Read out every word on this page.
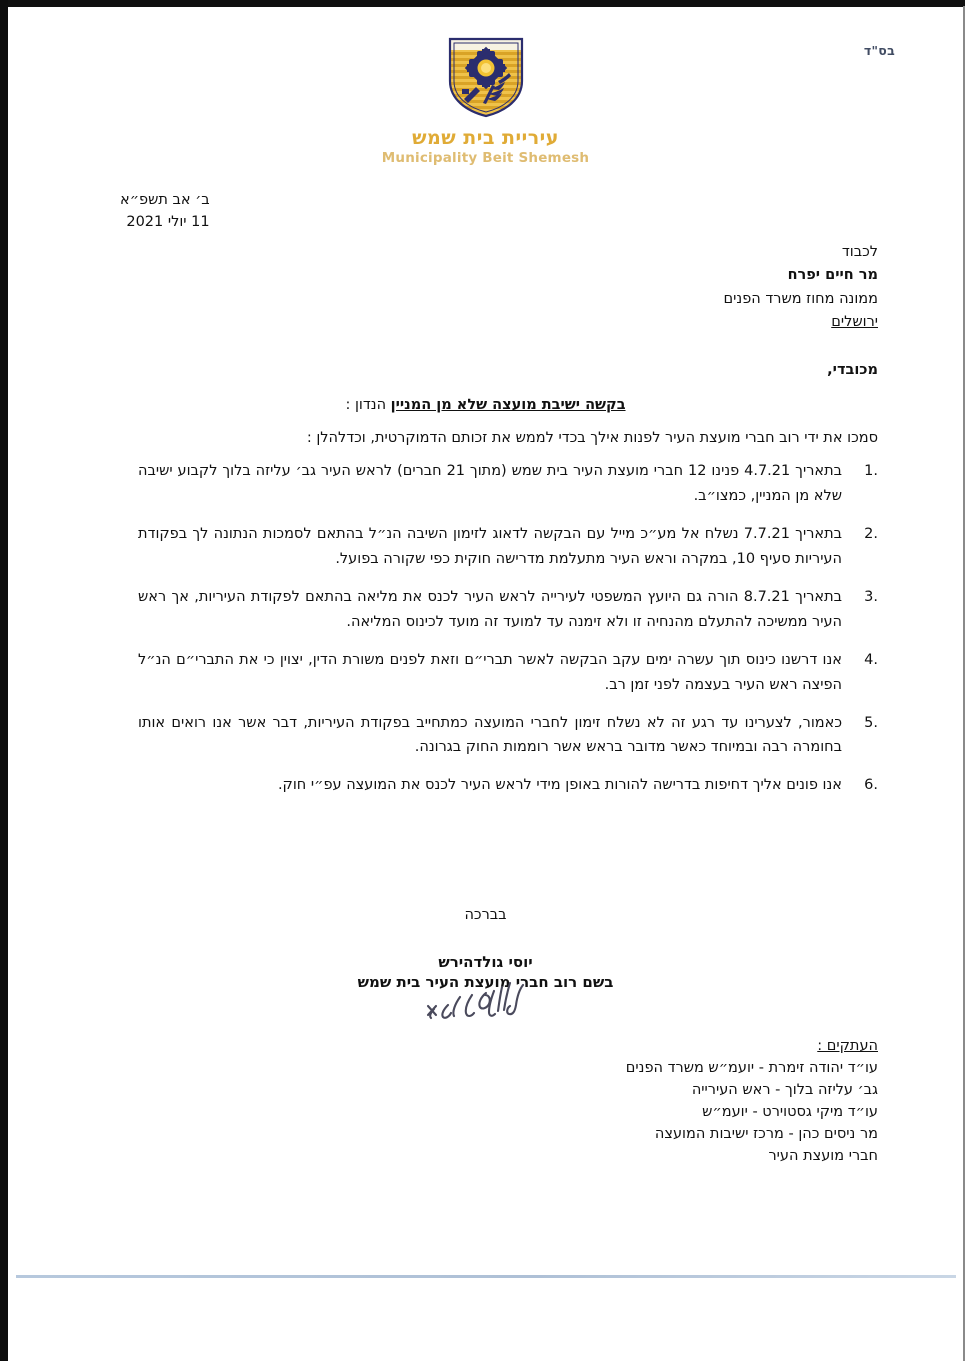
בס"ד
עיריית בית שמש
Municipality Beit Shemesh
ב׳ אב תשפ״א
11 יולי 2021
לכבוד
מר חיים יפרח
ממונה מחוז משרד הפנים
ירושלים
מכובדי,
בקשה ישיבת מועצה שלא מן המניין הנדון :
סמכו את ידי רוב חברי מועצת העיר לפנות אילך בכדי לממש את זכותם הדמוקרטית, וכדלהלן :
1.
בתאריך 4.7.21 פנינו 12 חברי מועצת העיר בית שמש (מתוך 21 חברים) לראש העיר גב׳ עליזה בלוך לקבוע ישיבה שלא מן המניין, כמצו״ב.
2.
בתאריך 7.7.21 נשלח אל מע״כ מייל עם הבקשה לדאוג לזימון השיבה הנ״ל בהתאם לסמכות הנתונה לך בפקודת העיריות סעיף 10, במקרה וראש העיר מתעלמת מדרישה חוקית כפי שקורה בפועל.
3.
בתאריך 8.7.21 הורה גם היועץ המשפטי לעירייה לראש העיר לכנס את מליאה בהתאם לפקודת העיריות, אך ראש העיר ממשיכה להתעלם מהנחיה זו ולא זימנה עד למועד זה מועד לכינוס המליאה.
4.
אנו דרשנו כינוס תוך עשרה ימים עקב הבקשה לאשר תברי״ם וזאת לפנים משורת הדין, יצוין כי את התברי״ם הנ״ל הפיצה ראש העיר בעצמה לפני זמן רב.
5.
כאמור, לצערינו עד רגע זה לא נשלח זימון לחברי המועצה כמתחייב בפקודת העיריות, דבר אשר אנו רואים אותו בחומרה רבה ובמיוחד כאשר מדובר בראש אשר רוממות החוק בגרונה.
6.
אנו פונים אליך דחיפות בדרישה להורות באופן מידי לראש העיר לכנס את המועצה עפ״י חוק.
בברכה
יוסי גולדהירש
בשם רוב חברי מועצת העיר בית שמש
העתקים :
עו״ד יהודה זימרת - יועמ״ש משרד הפנים
גב׳ עליזה בלוך - ראש העירייה
עו״ד מיקי גסטוירט - יועמ״ש
מר ניסים כהן - מרכז ישיבות המועצה
חברי מועצת העיר
